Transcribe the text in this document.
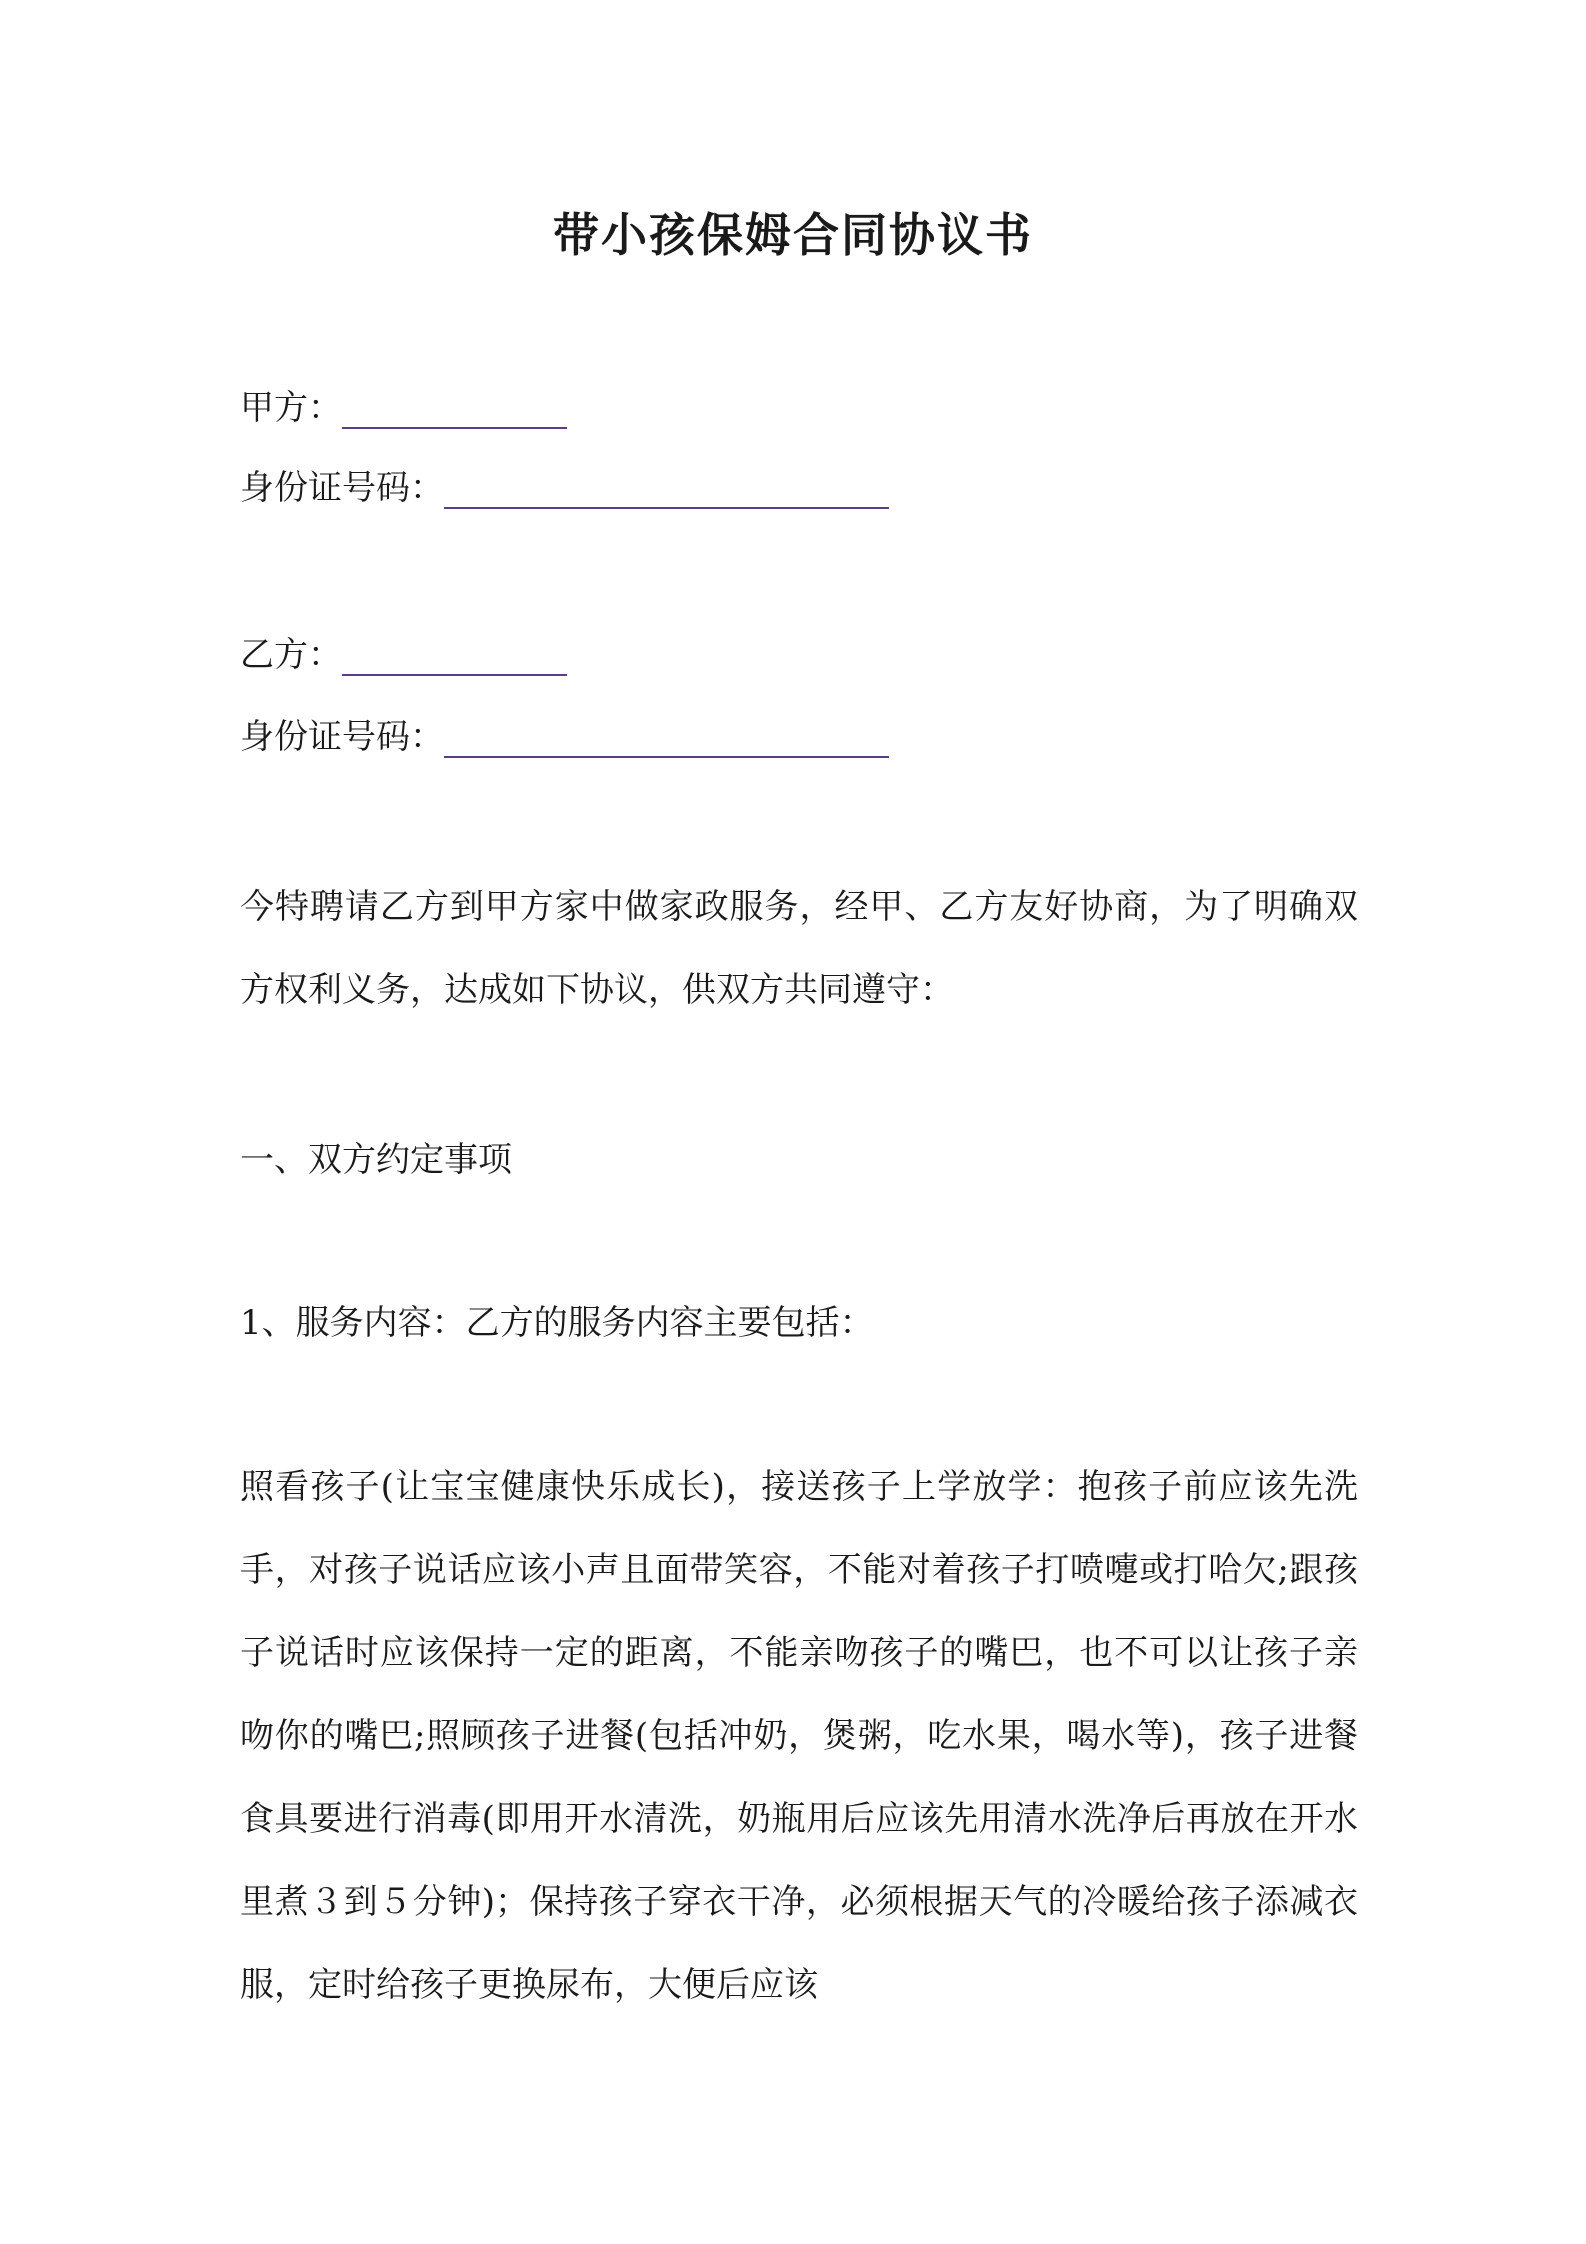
带小孩保姆合同协议书
甲方：
身份证号码：
乙方：
身份证号码：
今特聘请乙方到甲方家中做家政服务，经甲、乙方友好协商，为了明确双方权利义务，达成如下协议，供双方共同遵守：
一、双方约定事项
1、服务内容：乙方的服务内容主要包括：
照看孩子(让宝宝健康快乐成长)，接送孩子上学放学：抱孩子前应该先洗手，对孩子说话应该小声且面带笑容，不能对着孩子打喷嚏或打哈欠;跟孩子说话时应该保持一定的距离，不能亲吻孩子的嘴巴，也不可以让孩子亲吻你的嘴巴;照顾孩子进餐(包括冲奶，煲粥，吃水果，喝水等)，孩子进餐食具要进行消毒(即用开水清洗，奶瓶用后应该先用清水洗净后再放在开水里煮３到５分钟)；保持孩子穿衣干净，必须根据天气的冷暖给孩子添减衣服，定时给孩子更换尿布，大便后应该
